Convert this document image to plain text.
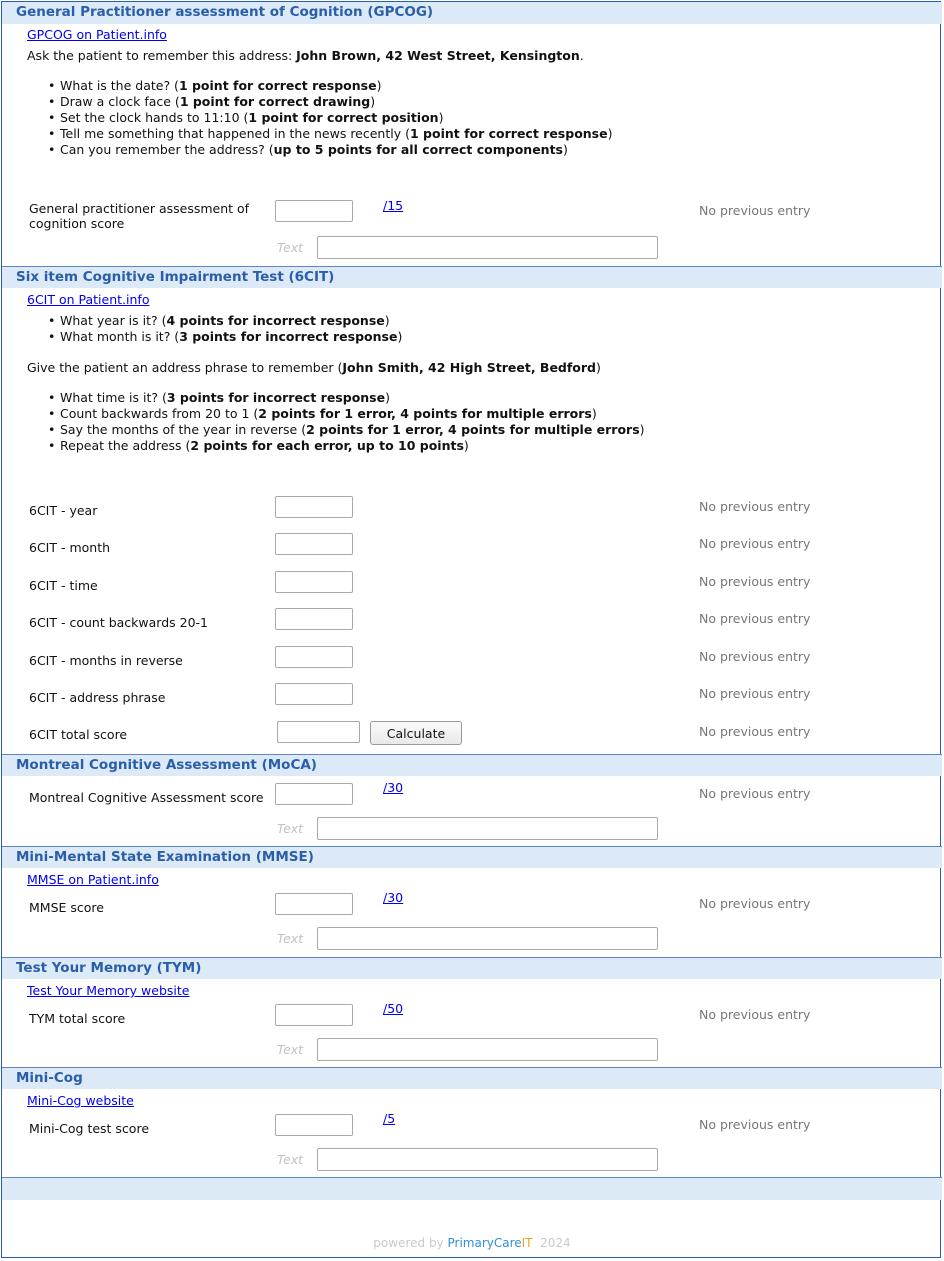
General Practitioner assessment of Cognition (GPCOG)
GPCOG on Patient.info
Ask the patient to remember this address: John Brown, 42 West Street, Kensington.
• What is the date? (1 point for correct response)
• Draw a clock face (1 point for correct drawing)
• Set the clock hands to 11:10 (1 point for correct position)
• Tell me something that happened in the news recently (1 point for correct response)
• Can you remember the address? (up to 5 points for all correct components)
General practitioner assessment of
cognition score
/15	No previous entry
Text
Six item Cognitive Impairment Test (6CIT)
6CIT on Patient.info
• What year is it? (4 points for incorrect response)
• What month is it? (3 points for incorrect response)
Give the patient an address phrase to remember (John Smith, 42 High Street, Bedford)
• What time is it? (3 points for incorrect response)
• Count backwards from 20 to 1 (2 points for 1 error, 4 points for multiple errors)
• Say the months of the year in reverse (2 points for 1 error, 4 points for multiple errors)
• Repeat the address (2 points for each error, up to 10 points)
6CIT - year	No previous entry
6CIT - month	No previous entry
6CIT - time	No previous entry
6CIT - count backwards 20-1	No previous entry
6CIT - months in reverse	No previous entry
6CIT - address phrase	No previous entry
6CIT total score	Calculate	No previous entry
Montreal Cognitive Assessment (MoCA)
Montreal Cognitive Assessment score
/30	No previous entry
Text
Mini-Mental State Examination (MMSE)
MMSE on Patient.info
MMSE score
/30	No previous entry
Text
Test Your Memory (TYM)
Test Your Memory website
TYM total score
/50	No previous entry
Text
Mini-Cog
Mini-Cog website
Mini-Cog test score
/5	No previous entry
Text
powered by PrimaryCareIT 2024
